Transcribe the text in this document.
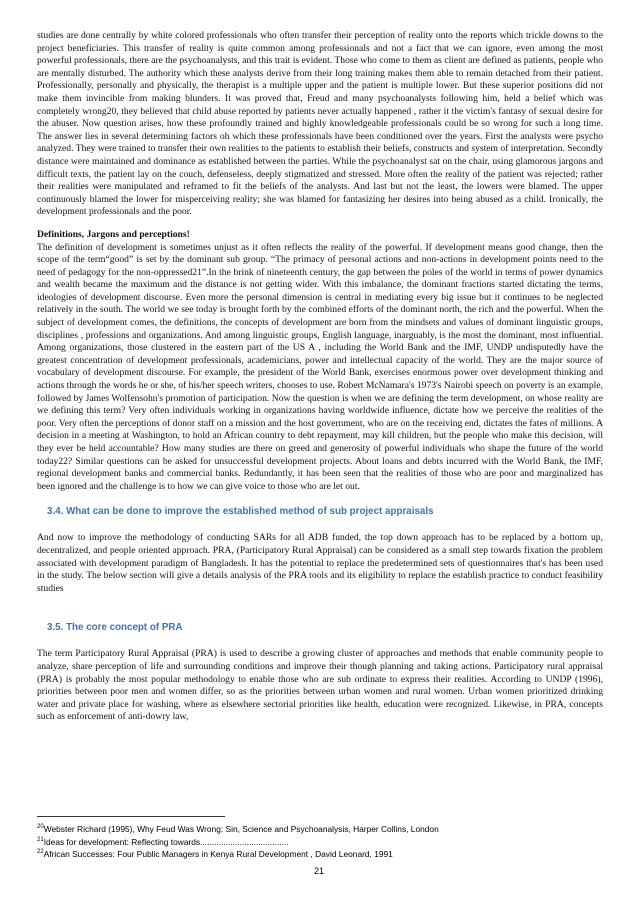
studies are done centrally by white colored professionals who often transfer their perception of reality onto the reports which trickle downs to the project beneficiaries. This transfer of reality is quite common among professionals and not a fact that we can ignore, even among the most powerful professionals, there are the psychoanalysts, and this trait is evident. Those who come to them as client are defined as patients, people who are mentally disturbed. The authority which these analysts derive from their long training makes them able to remain detached from their patient. Professionally, personally and physically, the therapist is a multiple upper and the patient is multiple lower. But these superior positions did not make them invincible from making blunders. It was proved that, Freud and many psychoanalysts following him, held a belief which was completely wrong20, they believed that child abuse reported by patients never actually happened , rather it the victim's fantasy of sexual desire for the abuser. Now question arises, how these profoundly trained and highly knowledgeable professionals could be so wrong for such a long time. The answer lies in several determining factors oh which these professionals have been conditioned over the years. First the analysts were psycho analyzed. They were trained to transfer their own realities to the patients to establish their beliefs, constructs and system of interpretation. Secondly distance were maintained and dominance as established between the parties. While the psychoanalyst sat on the chair, using glamorous jargons and difficult texts, the patient lay on the couch, defenseless, deeply stigmatized and stressed. More often the reality of the patient was rejected; rather their realities were manipulated and reframed to fit the beliefs of the analysts. And last but not the least, the lowers were blamed. The upper continuously blamed the lower for misperceiving reality; she was blamed for fantasizing her desires into being abused as a child. Ironically, the development professionals and the poor.

Definitions, Jargons and perceptions!

The definition of development is sometimes unjust as it often reflects the reality of the powerful. If development means good change, then the scope of the term“good” is set by the dominant sub group. “The primacy of personal actions and non-actions in development points need to the need of pedagogy for the non-oppressed21”.In the brink of nineteenth century, the gap between the poles of the world in terms of power dynamics and wealth became the maximum and the distance is not getting wider. With this imbalance, the dominant fractions started dictating the terms, ideologies of development discourse. Even more the personal dimension is central in mediating every big issue but it continues to be neglected relatively in the south. The world we see today is brought forth by the combined efforts of the dominant north, the rich and the powerful. When the subject of development comes, the definitions, the concepts of development are born from the mindsets and values of dominant linguistic groups, disciplines , professions and organizations. And among linguistic groups, English language, inarguably, is the most the dominant, most influential. Among organizations, those clustered in the eastern part of the US A , including the World Bank and the IMF, UNDP undisputedly have the greatest concentration of development professionals, academicians, power and intellectual capacity of the world. They are the major source of vocabulary of development discourse. For example, the president of the World Bank, exercises enormous power over development thinking and actions through the words he or she, of his/her speech writers, chooses to use. Robert McNamara's 1973's Nairobi speech on poverty is an example, followed by James Wolfensohn's promotion of participation. Now the question is when we are defining the term development, on whose reality are we defining this term? Very often individuals working in organizations having worldwide influence, dictate how we perceive the realities of the poor. Very often the perceptions of donor staff on a mission and the host government, who are on the receiving end, dictates the fates of millions. A decision in a meeting at Washington, to hold an African country to debt repayment, may kill children, but the people who make this decision, will they ever be held accountable? How many studies are there on greed and generosity of powerful individuals who shape the future of the world today22? Similar questions can be asked for unsuccessful development projects. About loans and debts incurred with the World Bank, the IMF, regional development banks and commercial banks. Redundantly, it has been seen that the realities of those who are poor and marginalized has been ignored and the challenge is to how we can give voice to those who are let out.

3.4. What can be done to improve the established method of sub project appraisals

And now to improve the methodology of conducting SARs for all ADB funded, the top down approach has to be replaced by a bottom up, decentralized, and people oriented approach. PRA, (Participatory Rural Appraisal) can be considered as a small step towards fixation the problem associated with development paradigm of Bangladesh. It has the potential to replace the predetermined sets of questionnaires that's has been used in the study. The below section will give a details analysis of the PRA tools and its eligibility to replace the establish practice to conduct feasibility studies

3.5. The core concept of PRA

The term Participatory Rural Appraisal (PRA) is used to describe a growing cluster of approaches and methods that enable community people to analyze, share perception of life and surrounding conditions and improve their though planning and taking actions. Participatory rural appraisal (PRA) is probably the most popular methodology to enable those who are sub ordinate to express their realities. According to UNDP (1996), priorities between poor men and women differ, so as the priorities between urban women and rural women. Urban women prioritized drinking water and private place for washing, where as elsewhere sectorial priorities like health, education were recognized. Likewise, in PRA, concepts such as enforcement of anti-dowry law,

$^{20}$Webster Richard (1995), Why Feud Was Wrong: Sin, Science and Psychoanalysis, Harper Collins, London

$^{21}$Ideas for development: Reflecting towards......................................

$^{22}$African Successes: Four Public Managers in Kenya Rural Development , David Leonard, 1991

21
